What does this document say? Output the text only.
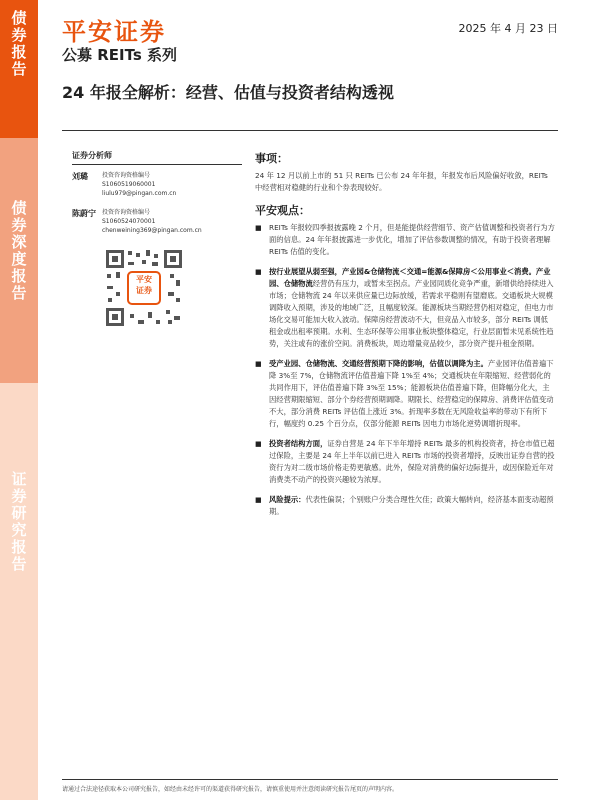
债券报告
债券深度报告
证券研究报告
平安证券
公募 REITs 系列
2025 年 4 月 23 日
24 年报全解析：经营、估值与投资者结构透视
证券分析师
刘璐	投资咨询资格编号
S1060519060001
liulu979@pingan.com.cn
陈蔚宁	投资咨询资格编号
S1060524070001
chenweining369@pingan.com.cn
平安
证券
事项：
24 年 12 月以前上市的 51 只 REITs 已公布 24 年年报，年报发布后风险偏好收敛，REITs 中经营相对稳健的行业和个券表现较好。
平安观点：
■	REITs 年报较四季报披露晚 2 个月，但是能提供经营细节、资产估值调整和投资者行为方面的信息。24 年年报披露进一步优化，增加了评估参数调整的情况，有助于投资者理解 REITs 估值的变化。
■	按行业展望从弱至强，产业园&仓储物流＜交通=能源&保障房＜公用事业＜消费。产业园、仓储物流经营仍有压力，或暂未至拐点。产业园同质化竞争严重，新增供给持续进入市场；仓储物流 24 年以来供应量已边际放缓，若需求平稳则有望磨底。交通板块大规模调降收入预期，涉及的地域广泛，且幅度较深。能源板块当期经营仍相对稳定，但电力市场化交易可能加大收入波动。保障房经营波动不大，但竞品入市较多，部分 REITs 调低租金或出租率预期。水利、生态环保等公用事业板块整体稳定，行业层面暂未见系统性趋势，关注或有的涨价空间。消费板块，周边增量竞品较少，部分资产提升租金预期。
■	受产业园、仓储物流、交通经营预期下降的影响，估值以调降为主。产业园评估值普遍下降 3%至 7%，仓储物流评估值普遍下降 1%至 4%；交通板块在年限缩短、经营弱化的共同作用下，评估值普遍下降 3%至 15%；能源板块估值普遍下降，但降幅分化大，主因经营期限缩短、部分个券经营预期调降。期限长、经营稳定的保障房、消费评估值变动不大，部分消费 REITs 评估值上涨近 3%。折现率多数在无风险收益率的带动下有所下行，幅度约 0.25 个百分点，仅部分能源 REITs 因电力市场化逆势调增折现率。
■	投资者结构方面，证券自营是 24 年下半年增持 REITs 最多的机构投资者，持仓市值已超过保险，主要是 24 年上半年以前已进入 REITs 市场的投资者增持，反映出证券自营的投资行为对二级市场价格走势更敏感。此外，保险对消费的偏好边际提升，或因保险近年对消费类不动产的投资兴趣较为浓厚。
■	风险提示：代表性偏误；个别账户分类合理性欠佳；政策大幅转向，经济基本面变动超预期。
请通过合法途径获取本公司研究报告，如经由未经许可的渠道获得研究报告，请慎重使用并注意阅读研究报告尾页的声明内容。
